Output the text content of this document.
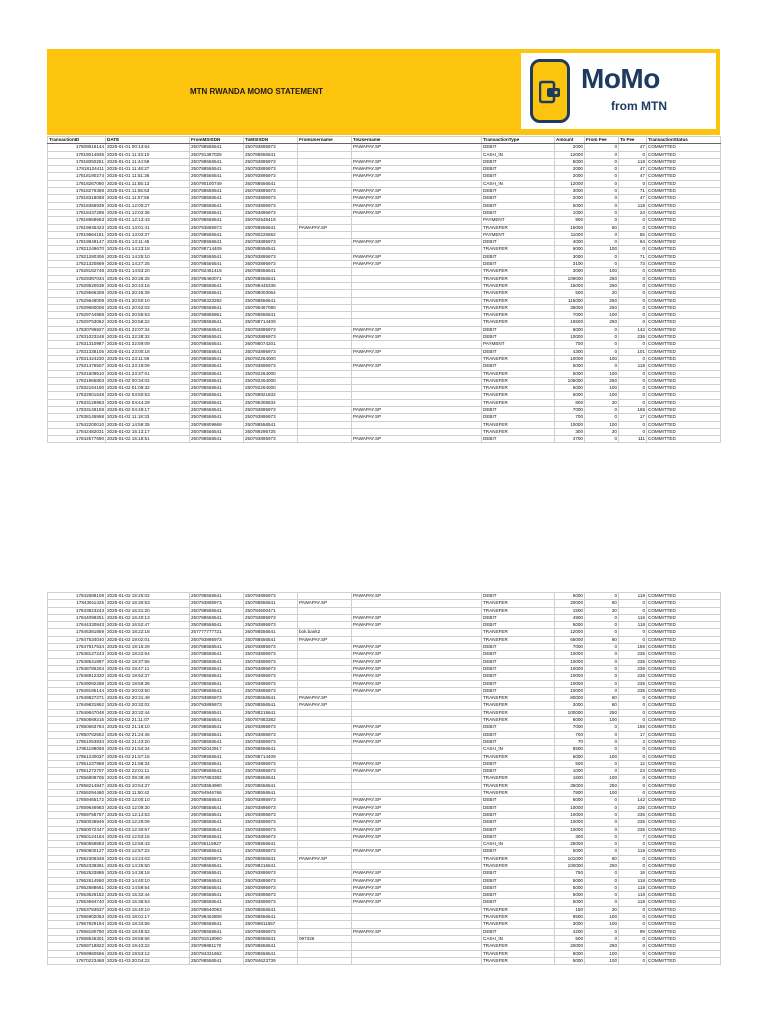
MTN RWANDA MOMO STATEMENT	MoMo
from MTN
TransactionID	DATE	FromMSISDN	ToMSISDN	FromUsername	ToUsername	TransactionType	Amount	From Fee	To Fee	TransactionStatus
17809618144	2025-01-01 00:13:54	250788556541	250793895973		PAWAPAY.SP	DEBIT	2000	0	47	COMMITTED
17818014836	2025-01-01 11:43:10	250791387025	250788556541			CASH_IN	12000	0	0	COMMITTED
17818050251	2025-01-01 11:44:58	250788556541	250793895973		PAWAPAY.SP	DEBIT	5000	0	118	COMMITTED
17818124411	2025-01-01 11:48:27	250788556541	250793895973		PAWAPAY.SP	DEBIT	2000	0	47	COMMITTED
17818190274	2025-01-01 11:51:36	250788556541	250793895973		PAWAPAY.SP	DEBIT	2000	0	47	COMMITTED
17818267080	2025-01-01 11:55:13	250790100749	250788556541			CASH_IN	12000	0	0	COMMITTED
17818276368	2025-01-01 11:55:53	250788556541	250793895973		PAWAPAY.SP	DEBIT	3000	0	71	COMMITTED
17818318068	2025-01-01 11:57:56	250788556541	250793895973		PAWAPAY.SP	DEBIT	2000	0	47	COMMITTED
17818368939	2025-01-01 12:00:27	250788556541	250793895973		PAWAPAY.SP	DEBIT	5000	0	118	COMMITTED
17818437288	2025-01-01 12:03:36	250788556541	250793895973		PAWAPAY.SP	DEBIT	1000	0	24	COMMITTED
17818658663	2025-01-01 12:13:43	250788556541	250792548419			PAYMENT	900	0	0	COMMITTED
17819645423	2025-01-01 13:01:41	250793895973	250788556541	PAWAPAY.SP		TRANSFER	15000	60	0	COMMITTED
17819664181	2025-01-01 13:02:37	250788556541	250780225552			PAYMENT	11000	0	55	COMMITTED
17819849147	2025-01-01 13:11:45	250788556541	250793895973		PAWAPAY.SP	DEBIT	4000	0	94	COMMITTED
17821249670	2025-01-01 14:23:18	250788714409	250788556541			TRANSFER	6000	100	0	COMMITTED
17821280306	2025-01-01 14:25:10	250788556541	250793895973		PAWAPAY.SP	DEBIT	3000	0	71	COMMITTED
17821320869	2025-01-01 14:27:25	250788556541	250793895973		PAWAPAY.SP	DEBIT	3100	0	73	COMMITTED
17828182748	2025-01-01 14:53:20	250782461415	250788556541			TRANSFER	3000	100	0	COMMITTED
17829387034	2025-01-01 20:36:25	250795460071	250788556541			TRANSFER	109000	250	0	COMMITTED
17829520539	2025-01-01 20:43:16	250788556541	250788446336			TRANSFER	15000	250	0	COMMITTED
17829566308	2025-01-01 20:45:39	250788556541	250788003064			TRANSFER	500	20	0	COMMITTED
17829648009	2025-01-01 20:50:10	250788323292	250788556541			TRANSFER	115000	250	0	COMMITTED
17829680006	2025-01-01 20:52:03	250788556541	250795467090			TRANSFER	35000	250	0	COMMITTED
17829744958	2025-01-01 20:55:53	250798856951	250788556541			TRANSFER	7000	100	0	COMMITTED
17829753062	2025-01-01 20:56:22	250788556541	250788714409			TRANSFER	16500	250	0	COMMITTED
17830796927	2025-01-01 22:07:34	250788556541	250793895973		PAWAPAY.SP	DEBIT	6000	0	142	COMMITTED
17831023248	2025-01-01 22:28:32	250788556541	250793895973		PAWAPAY.SP	DEBIT	10000	0	236	COMMITTED
17831310987	2025-01-01 22:59:09	250788556541	250786074201			PAYMENT	700	0	0	COMMITTED
17831338105	2025-01-01 23:00:18	250788556541	250793895973		PAWAPAY.SP	DEBIT	4300	0	101	COMMITTED
17831424230	2025-01-01 23:11:59	250788556541	250782264000			TRANSFER	10000	100	0	COMMITTED
17831476507	2025-01-01 23:19:09	250788556541	250793895973		PAWAPAY.SP	DEBIT	5000	0	118	COMMITTED
17831609510	2025-01-01 23:37:01	250788556541	250782264000			TRANSFER	5000	100	0	COMMITTED
17831965803	2025-01-02 00:34:02	250788556541	250782264000			TRANSFER	105000	250	0	COMMITTED
17832164160	2025-01-02 01:09:32	250788556541	250782264000			TRANSFER	5000	100	0	COMMITTED
17832901548	2025-01-02 03:50:53	250788556541	250789921832			TRANSFER	6000	100	0	COMMITTED
17833129963	2025-01-02 04:44:29	250788556541	250795305834			TRANSFER	800	20	0	COMMITTED
17833149159	2025-01-02 04:49:17	250788556541	250793895973		PAWAPAY.SP	DEBIT	7000	0	165	COMMITTED
17838145958	2025-01-02 11:18:33	250788556541	250793895973		PAWAPAY.SP	DEBIT	700	0	17	COMMITTED
17842200010	2025-01-02 14:58:35	250788809669	250788556541			TRANSFER	10000	100	0	COMMITTED
17842482031	2025-01-02 15:13:17	250788556541	250789296725			TRANSFER	300	20	0	COMMITTED
17842577690	2025-01-02 15:18:51	250788556541	250793895973		PAWAPAY.SP	DEBIT	4700	0	111	COMMITTED
17842688108	2025-01-02 15:25:02	250788556541	250793895973		PAWAPAY.SP	DEBIT	5000	0	118	COMMITTED
17843911425	2025-01-02 16:30:53	250793895973	250788556541	PAWAPAY.SP		TRANSFER	20000	60	0	COMMITTED
17843923243	2025-01-02 16:31:20	250788556541	250784500471			TRANSFER	1500	20	0	COMMITTED
17844098251	2025-01-02 16:40:13	250788556541	250793895973		PAWAPAY.SP	DEBIT	4900	0	116	COMMITTED
17844330843	2025-01-02 16:52:47	250788556541	250793895973		PAWAPAY.SP	DEBIT	5000	0	118	COMMITTED
17846381859	2025-01-02 18:22:18	257777777721	250788556541	bok.bank2		TRANSFER	12000	0	0	COMMITTED
17847534040	2025-01-02 19:02:01	250793895973	250788556541	PAWAPAY.SP		TRANSFER	65000	60	0	COMMITTED
17847917534	2025-01-02 19:15:29	250788556541	250793895973		PAWAPAY.SP	DEBIT	7000	0	165	COMMITTED
17848127243	2025-01-02 19:22:54	250788556541	250793895973		PAWAPAY.SP	DEBIT	10000	0	236	COMMITTED
17848541897	2025-01-02 19:37:55	250788556541	250793895973		PAWAPAY.SP	DEBIT	10000	0	236	COMMITTED
17848786204	2025-01-02 19:47:11	250788556541	250793895973		PAWAPAY.SP	DEBIT	10000	0	236	COMMITTED
17848912320	2025-01-02 19:52:37	250788556541	250793895973		PAWAPAY.SP	DEBIT	10000	0	236	COMMITTED
17849092288	2025-01-02 19:59:36	250788556541	250793895973		PAWAPAY.SP	DEBIT	10000	0	236	COMMITTED
17849195144	2025-01-02 20:03:50	250788556541	250793895973		PAWAPAY.SP	DEBIT	10000	0	236	COMMITTED
17849827271	2025-01-02 20:31:49	250793895973	250788556541	PAWAPAY.SP		TRANSFER	80000	60	0	COMMITTED
17849831862	2025-01-02 20:32:02	250793895973	250788556541	PAWAPAY.SP		TRANSFER	2000	60	0	COMMITTED
17849847048	2025-01-02 20:32:44	250788556541	250788215641			TRANSFER	100000	250	0	COMMITTED
17850569215	2025-01-02 21:11:07	250788556541	250787883382			TRANSFER	6000	100	0	COMMITTED
17850683784	2025-01-02 21:18:10	250788556541	250793895973		PAWAPAY.SP	DEBIT	7000	0	165	COMMITTED
17850782552	2025-01-02 21:24:46	250788556541	250793895973		PAWAPAY.SP	DEBIT	700	0	17	COMMITTED
17851053934	2025-01-02 21:43:20	250788556541	250793895973		PAWAPAY.SP	DEBIT	70	0	2	COMMITTED
17851198068	2025-01-02 21:54:34	250792042917	250788556541			CASH_IN	8500	0	0	COMMITTED
17851230037	2025-01-02 21:57:15	250788556541	250788714409			TRANSFER	5000	100	0	COMMITTED
17851237968	2025-01-02 21:58:34	250788556541	250793895973		PAWAPAY.SP	DEBIT	500	0	12	COMMITTED
17851272707	2025-01-02 22:01:11	250788556541	250793895973		PAWAPAY.SP	DEBIT	1000	0	24	COMMITTED
17856808705	2025-01-03 09:38:49	250787883382	250788556541			TRANSFER	1600	100	0	COMMITTED
17858214847	2025-01-03 10:54:37	250783584980	250788556541			TRANSFER	35000	250	0	COMMITTED
17859294480	2025-01-03 11:50:42	250794946766	250788556541			TRANSFER	7800	100	0	COMMITTED
17859465172	2025-01-03 12:00:10	250788556541	250793895973		PAWAPAY.SP	DEBIT	6000	0	142	COMMITTED
17859646983	2025-01-03 12:09:30	250788556541	250793895973		PAWAPAY.SP	DEBIT	10000	0	236	COMMITTED
17859758767	2025-01-03 12:14:53	250788556541	250793895973		PAWAPAY.SP	DEBIT	10000	0	236	COMMITTED
17860036946	2025-01-03 12:29:09	250788556541	250793895973		PAWAPAY.SP	DEBIT	10000	0	236	COMMITTED
17860072447	2025-01-03 12:30:57	250788556541	250793895973		PAWAPAY.SP	DEBIT	10000	0	236	COMMITTED
17860124164	2025-01-03 12:53:15	250788556541	250793895973		PAWAPAY.SP	DEBIT	300	0	7	COMMITTED
17860559883	2025-01-03 12:56:43	250786115927	250788556541			CASH_IN	25000	0	0	COMMITTED
17860600127	2025-01-03 12:57:22	250788556541	250793895973		PAWAPAY.SP	DEBIT	5000	0	118	COMMITTED
17862306348	2025-01-03 14:24:03	250793895973	250788556541	PAWAPAY.SP		TRANSFER	101000	60	0	COMMITTED
17862339391	2025-01-03 14:25:50	250788556541	250788215641			TRANSFER	100000	250	0	COMMITTED
17862533886	2025-01-03 14:36:18	250788556541	250793895973		PAWAPAY.SP	DEBIT	750	0	18	COMMITTED
17862614550	2025-01-03 14:40:10	250788556541	250793895973		PAWAPAY.SP	DEBIT	5000	0	118	COMMITTED
17862888661	2025-01-03 14:59:54	250788556541	250793895973		PAWAPAY.SP	DEBIT	5000	0	118	COMMITTED
17863626182	2025-01-03 15:32:44	250788556541	250793895973		PAWAPAY.SP	DEBIT	5000	0	118	COMMITTED
17863694740	2025-01-03 15:36:53	250788556541	250793895973		PAWAPAY.SP	DEBIT	5000	0	118	COMMITTED
17863783637	2025-01-03 15:40:10	250788640093	250788556541			TRANSFER	150	20	0	COMMITTED
17866902063	2025-01-03 18:01:17	250788402808	250788556541			TRANSFER	9500	100	0	COMMITTED
17867829194	2025-01-03 18:34:56	250788556541	250789811657			TRANSFER	3000	100	0	COMMITTED
17868180750	2025-01-03 18:46:52	250788556541	250793895973		PAWAPAY.SP	DEBIT	4200	0	99	COMMITTED
17868545301	2025-01-03 18:58:56	250791518060	250788556541	097326		CASH_IN	500	0	0	COMMITTED
17869718822	2025-01-03 19:43:22	250789881170	250788556541			TRANSFER	20000	250	0	COMMITTED
17869960556	2025-01-03 19:53:12	250784331662	250788556541			TRANSFER	8000	100	0	COMMITTED
17870223468	2025-01-03 20:04:22	250788556541	250784623739			TRANSFER	5000	100	0	COMMITTED
